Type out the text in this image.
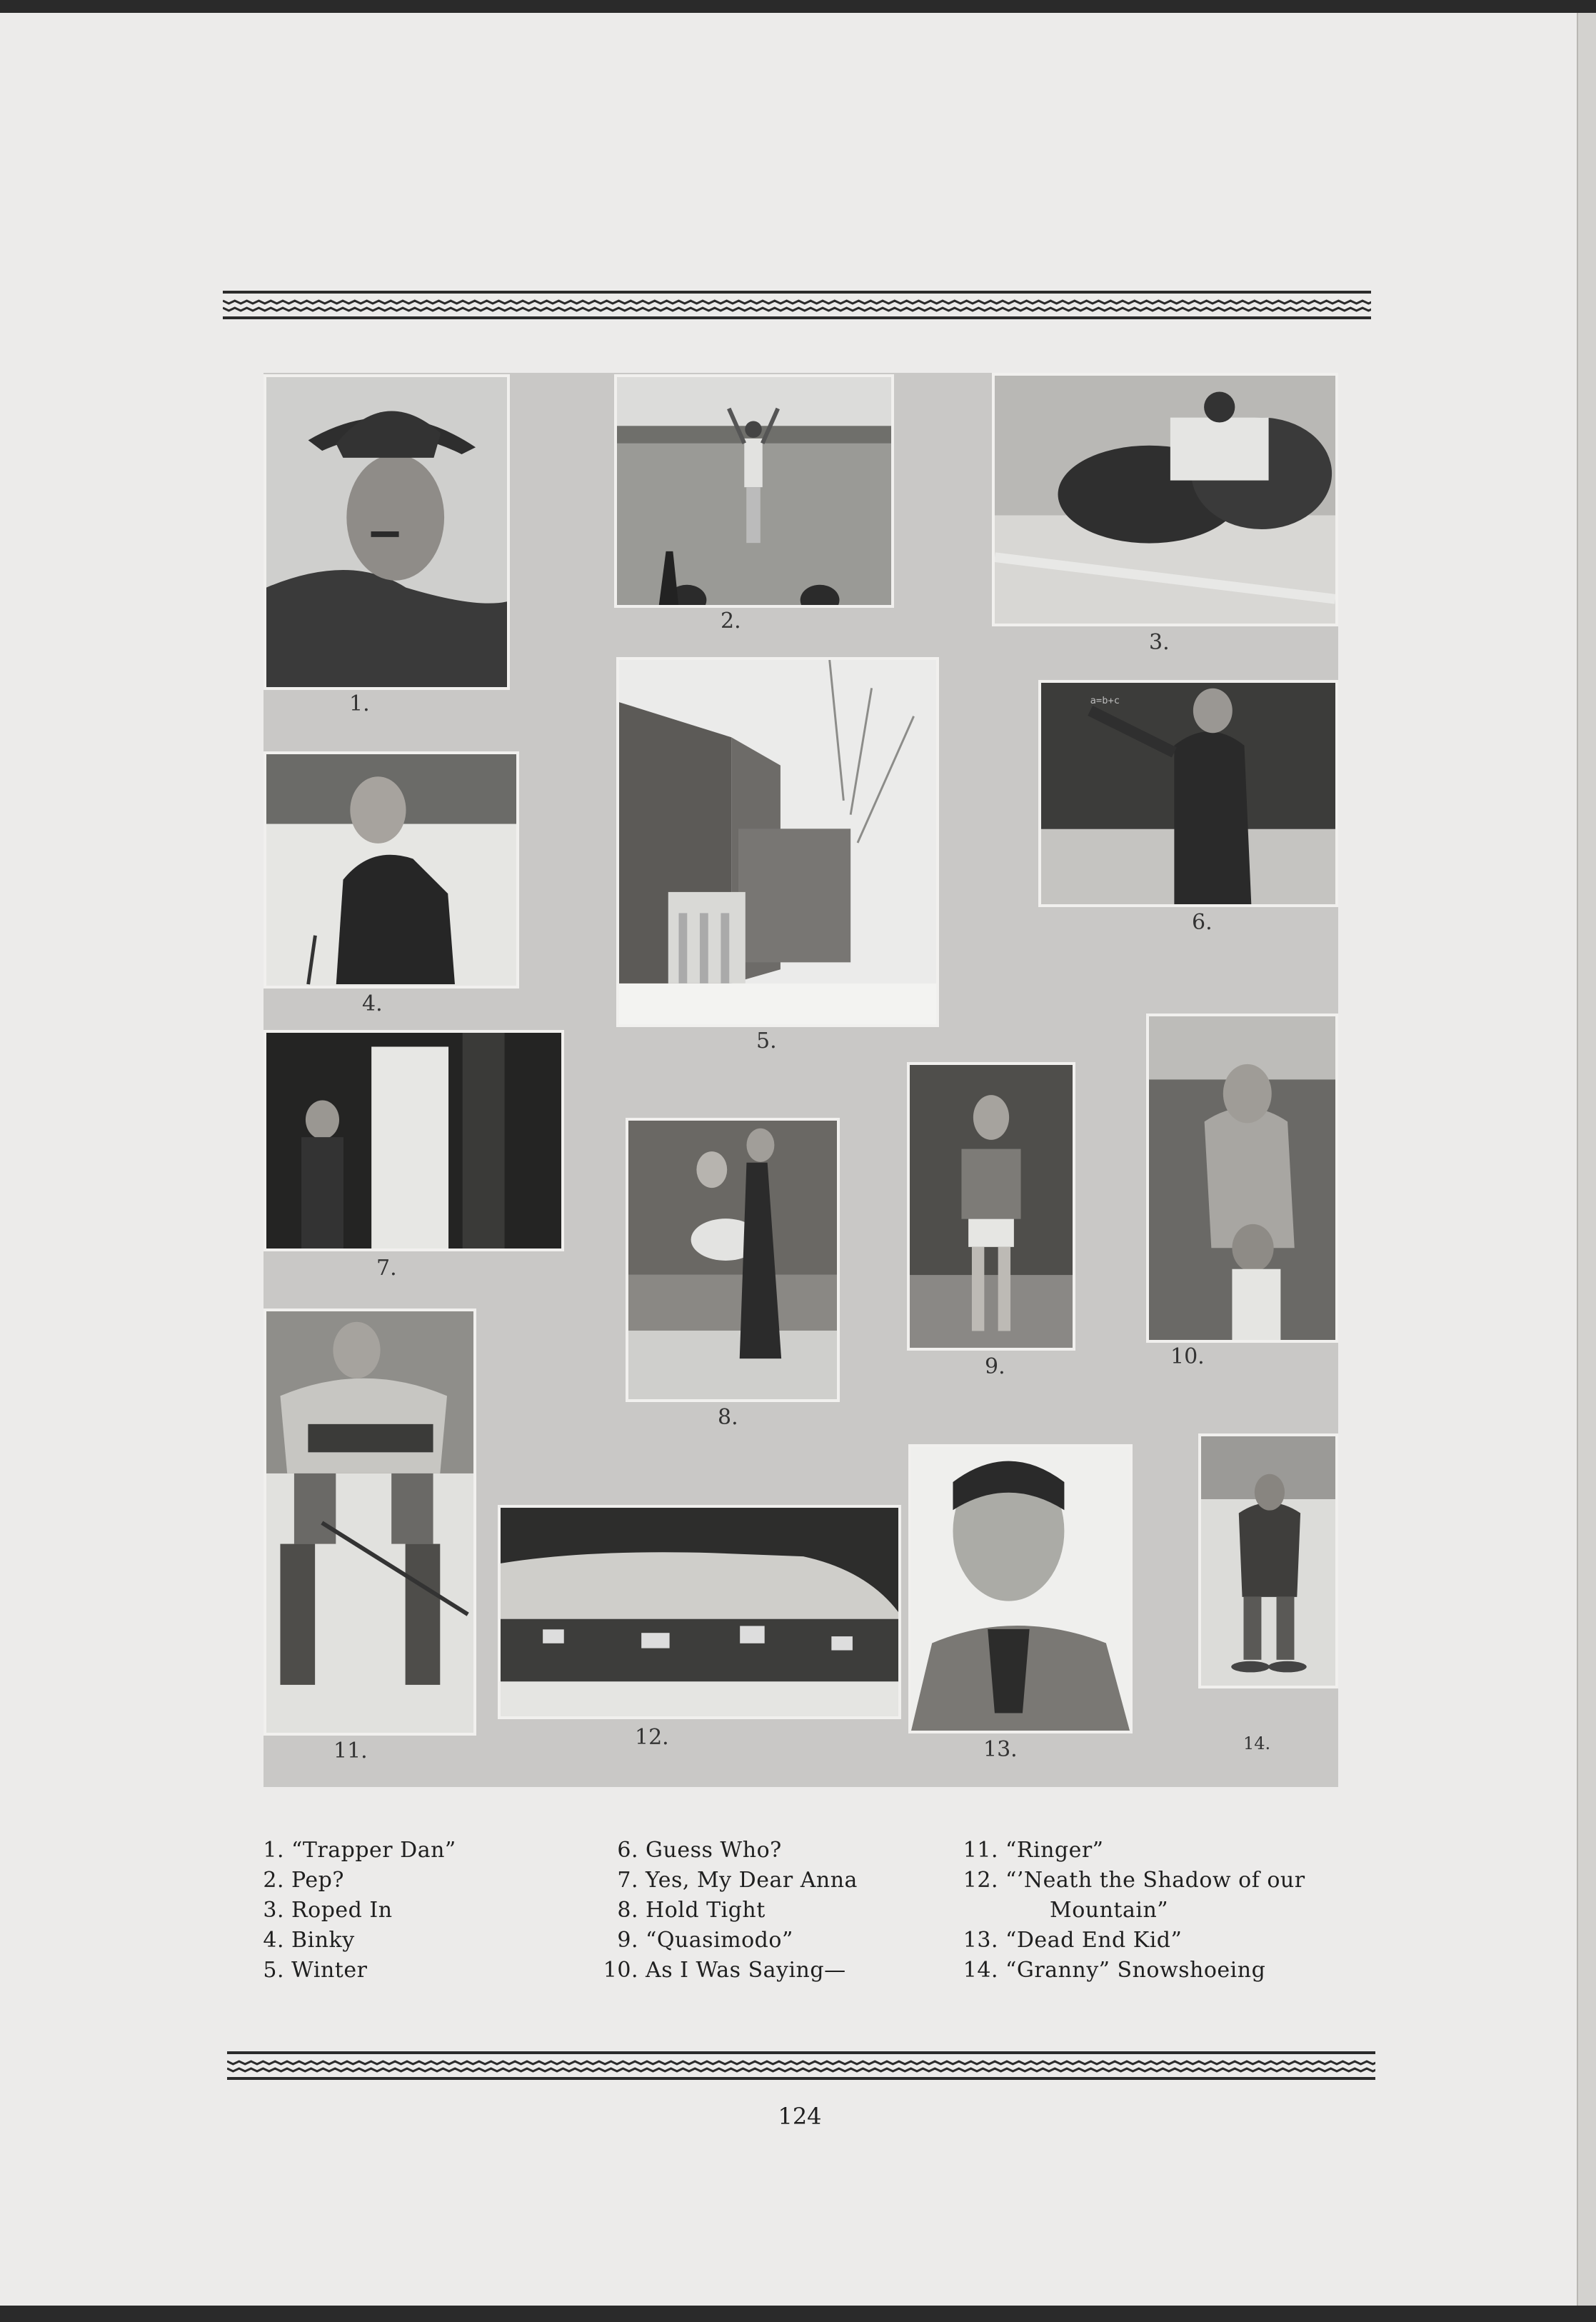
1.
2.
3.
4.
5.
a=b+c
6.
7.
8.
9.	10.
11.
12.	13.	14.
1. “Trapper Dan”
2. Pep?
3. Roped In
4. Binky
5. Winter
6. Guess Who?
7. Yes, My Dear Anna
8. Hold Tight
9. “Quasimodo”
10. As I Was Saying—
11. “Ringer”
12. “’Neath the Shadow of our
Mountain”
13. “Dead End Kid”
14. “Granny” Snowshoeing
124
